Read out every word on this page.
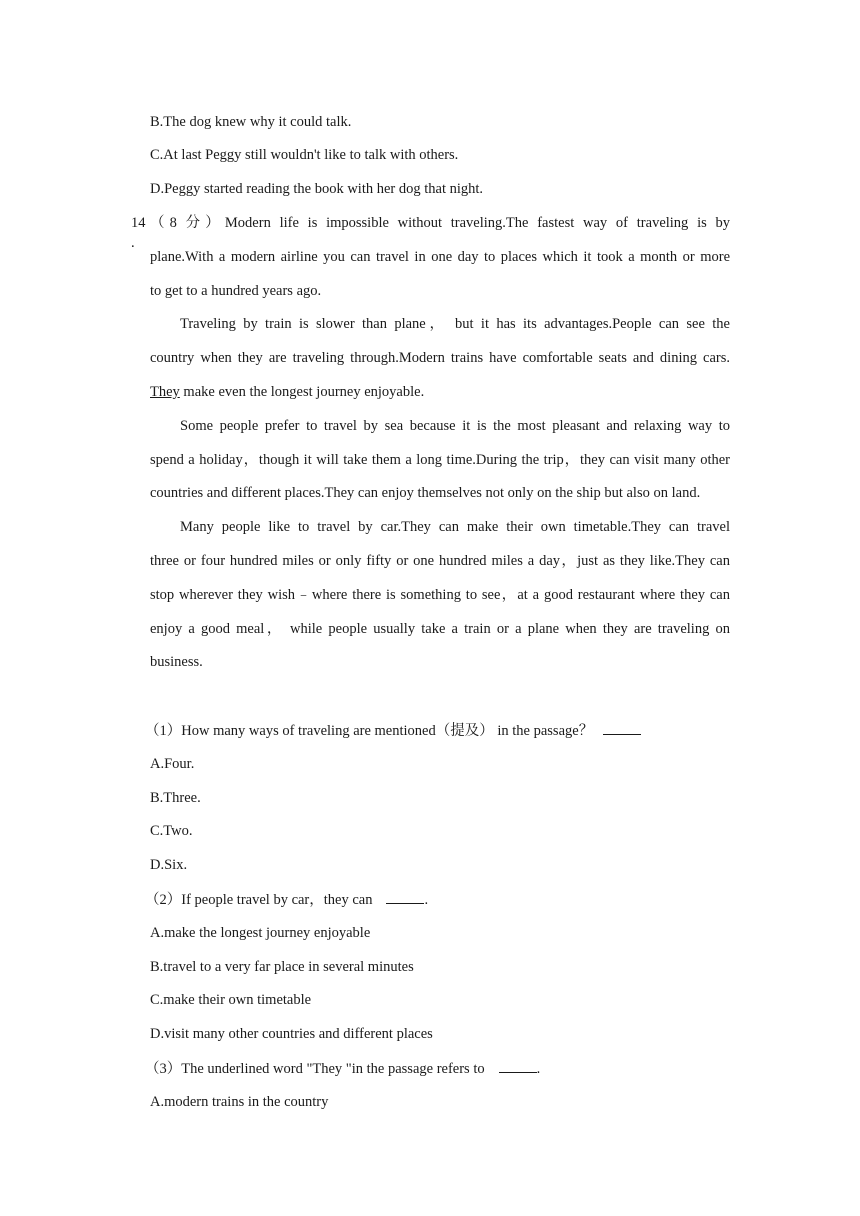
B.The dog knew why it could talk.
C.At last Peggy still wouldn't like to talk with others.
D.Peggy started reading the book with her dog that night.
14 .
（8 分）Modern life is impossible without traveling.The fastest way of traveling is by
plane.With a modern airline you can travel in one day to places which it took a month or more
to get to a hundred years ago.
Traveling by train is slower than plane， but it has its advantages.People can see the
country when they are traveling through.Modern trains have comfortable seats and dining cars.
They make even the longest journey enjoyable.
Some people prefer to travel by sea because it is the most pleasant and relaxing way to
spend a holiday，though it will take them a long time.During the trip，they can visit many other
countries and different places.They can enjoy themselves not only on the ship but also on land.
Many people like to travel by car.They can make their own timetable.They can travel
three or four hundred miles or only fifty or one hundred miles a day，just as they like.They can
stop wherever they wish﹣where there is something to see，at a good restaurant where they can
enjoy a good meal， while people usually take a train or a plane when they are traveling on
business.
（1）How many ways of traveling are mentioned（提及） in the passage？
A.Four.
B.Three.
C.Two.
D.Six.
（2）If people travel by car，they can	.
A.make the longest journey enjoyable
B.travel to a very far place in several minutes
C.make their own timetable
D.visit many other countries and different places
（3）The underlined word "They "in the passage refers to	.
A.modern trains in the country
